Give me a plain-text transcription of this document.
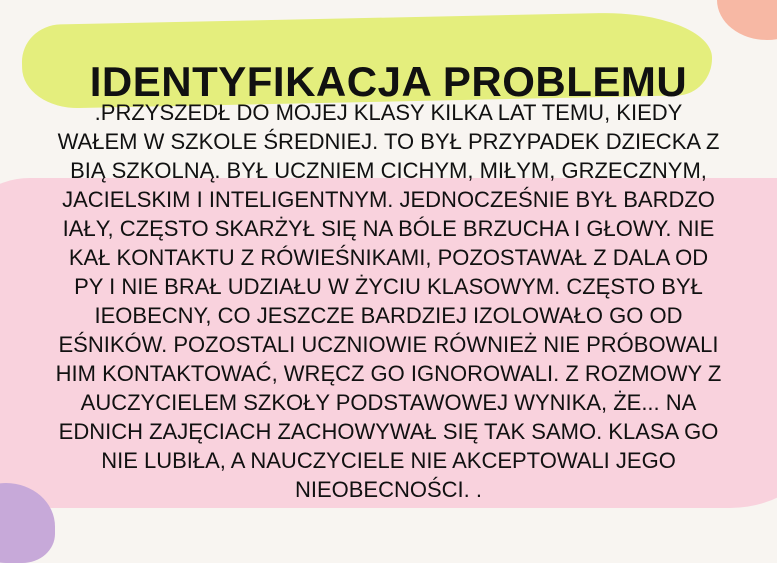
IDENTYFIKACJA PROBLEMU

.PRZYSZEDŁ DO MOJEJ KLASY KILKA LAT TEMU, KIEDY
WAŁEM W SZKOLE ŚREDNIEJ. TO BYŁ PRZYPADEK DZIECKA Z
BIĄ SZKOLNĄ. BYŁ UCZNIEM CICHYM, MIŁYM, GRZECZNYM,
JACIELSKIM I INTELIGENTNYM. JEDNOCZEŚNIE BYŁ BARDZO
IAŁY, CZĘSTO SKARŻYŁ SIĘ NA BÓLE BRZUCHA I GŁOWY. NIE
KAŁ KONTAKTU Z RÓWIEŚNIKAMI, POZOSTAWAŁ Z DALA OD
PY I NIE BRAŁ UDZIAŁU W ŻYCIU KLASOWYM. CZĘSTO BYŁ
IEOBECNY, CO JESZCZE BARDZIEJ IZOLOWAŁO GO OD
EŚNIKÓW. POZOSTALI UCZNIOWIE RÓWNIEŻ NIE PRÓBOWALI
HIM KONTAKTOWAĆ, WRĘCZ GO IGNOROWALI. Z ROZMOWY Z
AUCZYCIELEM SZKOŁY PODSTAWOWEJ WYNIKA, ŻE... NA
EDNICH ZAJĘCIACH ZACHOWYWAŁ SIĘ TAK SAMO. KLASA GO
NIE LUBIŁA, A NAUCZYCIELE NIE AKCEPTOWALI JEGO
NIEOBECNOŚCI. .
